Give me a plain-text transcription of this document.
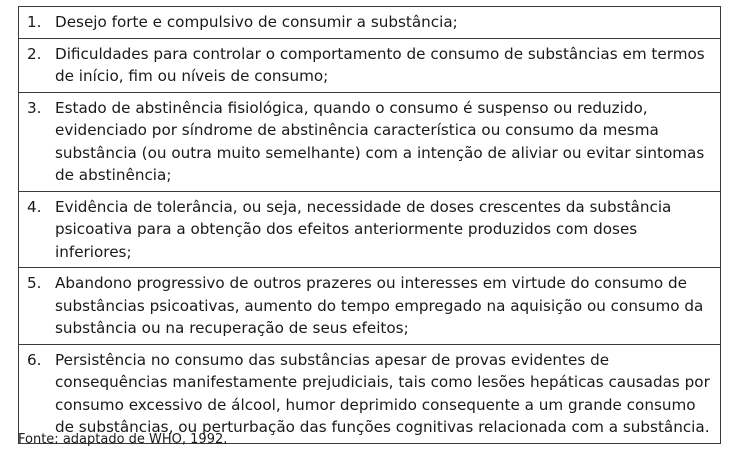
1. Desejo forte e compulsivo de consumir a substância;

2. Dificuldades para controlar o comportamento de consumo de substâncias em termos de início, fim ou níveis de consumo;

3. Estado de abstinência fisiológica, quando o consumo é suspenso ou reduzido, evidenciado por síndrome de abstinência característica ou consumo da mesma substância (ou outra muito semelhante) com a intenção de aliviar ou evitar sintomas de abstinência;

4. Evidência de tolerância, ou seja, necessidade de doses crescentes da substância psicoativa para a obtenção dos efeitos anteriormente produzidos com doses inferiores;

5. Abandono progressivo de outros prazeres ou interesses em virtude do consumo de substâncias psicoativas, aumento do tempo empregado na aquisição ou consumo da substância ou na recuperação de seus efeitos;

6. Persistência no consumo das substâncias apesar de provas evidentes de consequências manifestamente prejudiciais, tais como lesões hepáticas causadas por consumo excessivo de álcool, humor deprimido consequente a um grande consumo de substâncias, ou perturbação das funções cognitivas relacionada com a substância.

Fonte: adaptado de WHO, 1992.
